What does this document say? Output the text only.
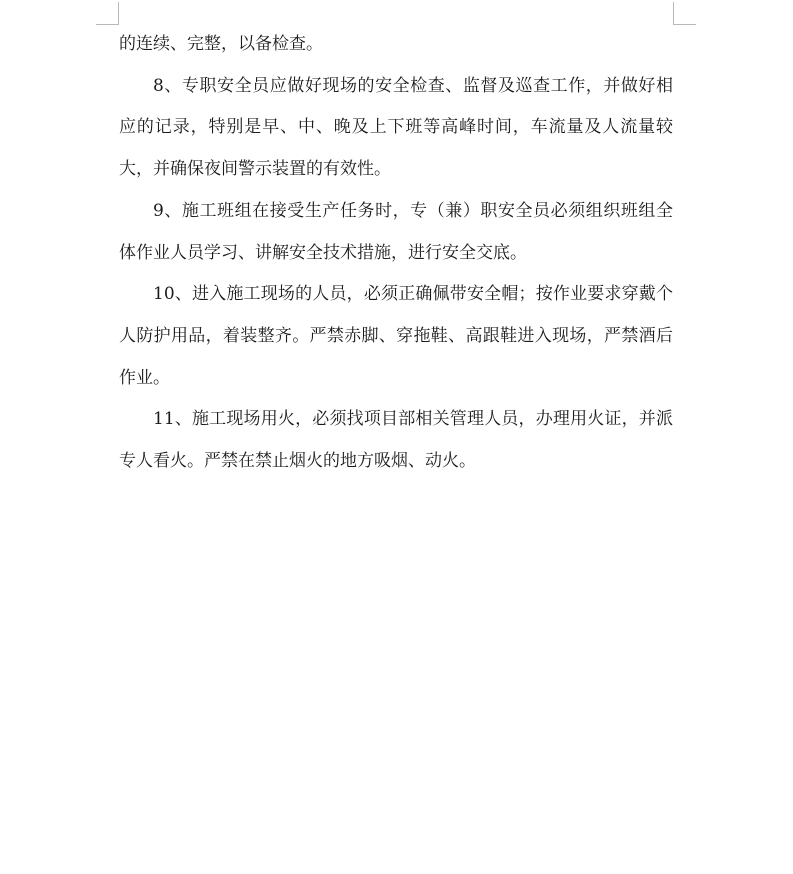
的连续、完整，以备检查。

8、专职安全员应做好现场的安全检查、监督及巡查工作，并做好相应的记录，特别是早、中、晚及上下班等高峰时间，车流量及人流量较大，并确保夜间警示装置的有效性。

9、施工班组在接受生产任务时，专（兼）职安全员必须组织班组全体作业人员学习、讲解安全技术措施，进行安全交底。

10、进入施工现场的人员，必须正确佩带安全帽；按作业要求穿戴个人防护用品，着装整齐。严禁赤脚、穿拖鞋、高跟鞋进入现场，严禁酒后作业。

11、施工现场用火，必须找项目部相关管理人员，办理用火证，并派专人看火。严禁在禁止烟火的地方吸烟、动火。
